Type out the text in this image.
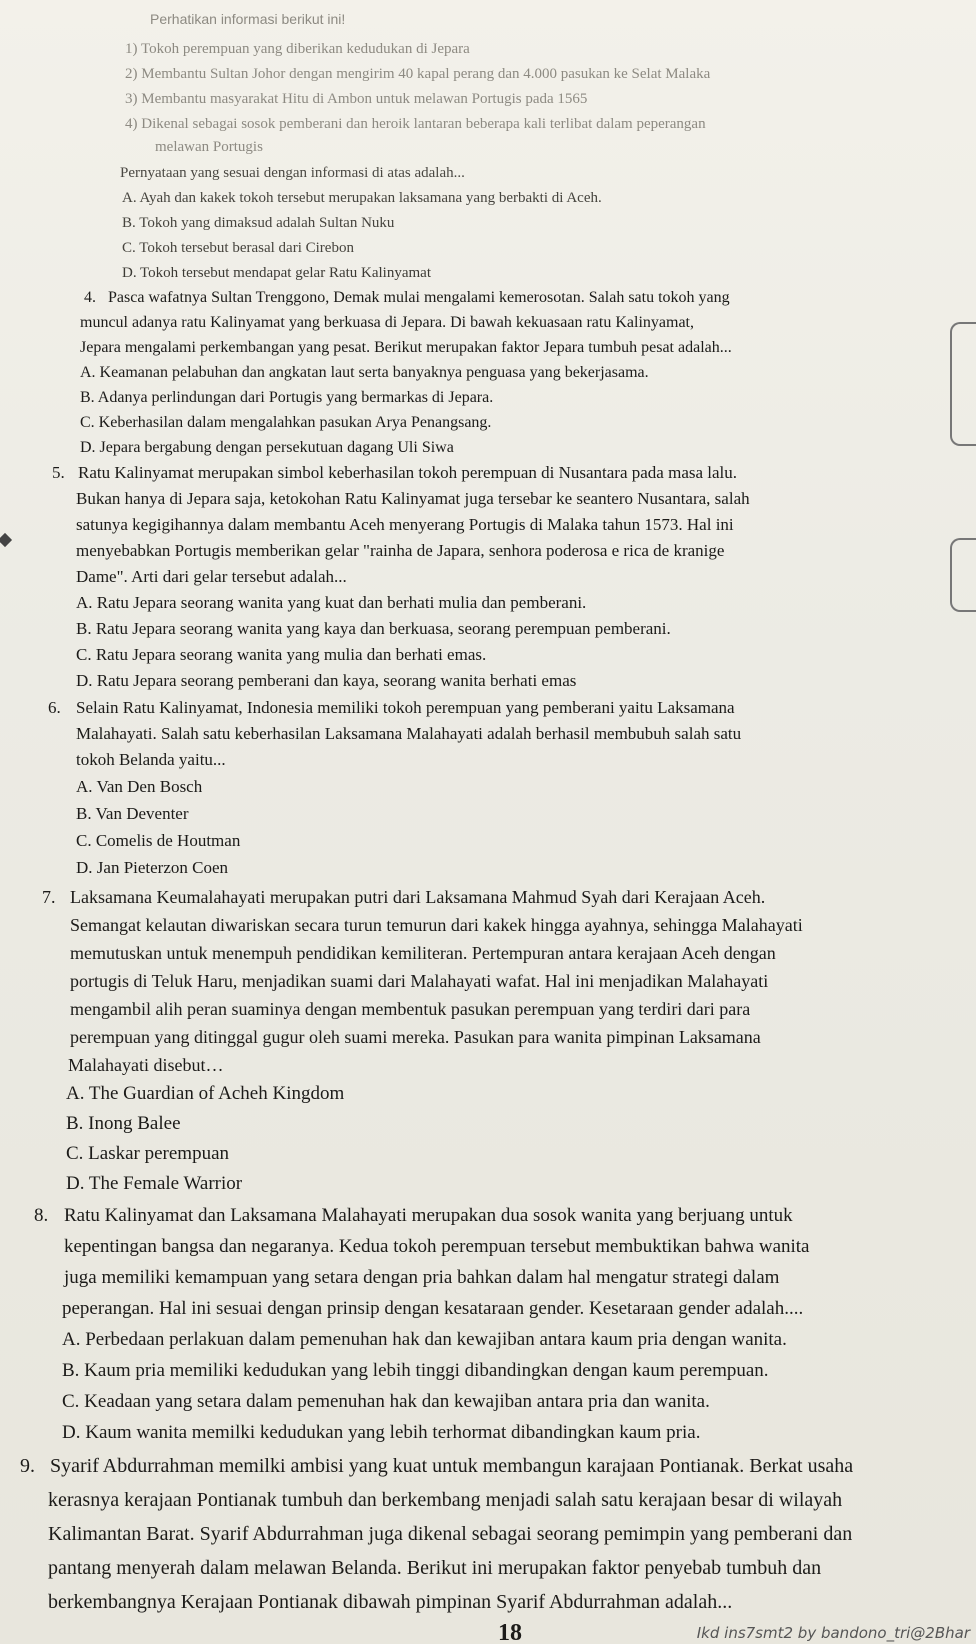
Perhatikan informasi berikut ini!
1) Tokoh perempuan yang diberikan kedudukan di Jepara
2) Membantu Sultan Johor dengan mengirim 40 kapal perang dan 4.000 pasukan ke Selat Malaka
3) Membantu masyarakat Hitu di Ambon untuk melawan Portugis pada 1565
4) Dikenal sebagai sosok pemberani dan heroik lantaran beberapa kali terlibat dalam peperangan
melawan Portugis
Pernyataan yang sesuai dengan informasi di atas adalah...
A. Ayah dan kakek tokoh tersebut merupakan laksamana yang berbakti di Aceh.
B. Tokoh yang dimaksud adalah Sultan Nuku
C. Tokoh tersebut berasal dari Cirebon
D. Tokoh tersebut mendapat gelar Ratu Kalinyamat
4. Pasca wafatnya Sultan Trenggono, Demak mulai mengalami kemerosotan. Salah satu tokoh yang
muncul adanya ratu Kalinyamat yang berkuasa di Jepara. Di bawah kekuasaan ratu Kalinyamat,
Jepara mengalami perkembangan yang pesat. Berikut merupakan faktor Jepara tumbuh pesat adalah...
A. Keamanan pelabuhan dan angkatan laut serta banyaknya penguasa yang bekerjasama.
B. Adanya perlindungan dari Portugis yang bermarkas di Jepara.
C. Keberhasilan dalam mengalahkan pasukan Arya Penangsang.
D. Jepara bergabung dengan persekutuan dagang Uli Siwa
5. Ratu Kalinyamat merupakan simbol keberhasilan tokoh perempuan di Nusantara pada masa lalu.
Bukan hanya di Jepara saja, ketokohan Ratu Kalinyamat juga tersebar ke seantero Nusantara, salah
satunya kegigihannya dalam membantu Aceh menyerang Portugis di Malaka tahun 1573. Hal ini
menyebabkan Portugis memberikan gelar "rainha de Japara, senhora poderosa e rica de kranige
Dame". Arti dari gelar tersebut adalah...
A. Ratu Jepara seorang wanita yang kuat dan berhati mulia dan pemberani.
B. Ratu Jepara seorang wanita yang kaya dan berkuasa, seorang perempuan pemberani.
C. Ratu Jepara seorang wanita yang mulia dan berhati emas.
D. Ratu Jepara seorang pemberani dan kaya, seorang wanita berhati emas
6. Selain Ratu Kalinyamat, Indonesia memiliki tokoh perempuan yang pemberani yaitu Laksamana
Malahayati. Salah satu keberhasilan Laksamana Malahayati adalah berhasil membubuh salah satu
tokoh Belanda yaitu...
A. Van Den Bosch
B. Van Deventer
C. Comelis de Houtman
D. Jan Pieterzon Coen
7. Laksamana Keumalahayati merupakan putri dari Laksamana Mahmud Syah dari Kerajaan Aceh.
Semangat kelautan diwariskan secara turun temurun dari kakek hingga ayahnya, sehingga Malahayati
memutuskan untuk menempuh pendidikan kemiliteran. Pertempuran antara kerajaan Aceh dengan
portugis di Teluk Haru, menjadikan suami dari Malahayati wafat. Hal ini menjadikan Malahayati
mengambil alih peran suaminya dengan membentuk pasukan perempuan yang terdiri dari para
perempuan yang ditinggal gugur oleh suami mereka. Pasukan para wanita pimpinan Laksamana
Malahayati disebut…
A. The Guardian of Acheh Kingdom
B. Inong Balee
C. Laskar perempuan
D. The Female Warrior
8. Ratu Kalinyamat dan Laksamana Malahayati merupakan dua sosok wanita yang berjuang untuk
kepentingan bangsa dan negaranya. Kedua tokoh perempuan tersebut membuktikan bahwa wanita
juga memiliki kemampuan yang setara dengan pria bahkan dalam hal mengatur strategi dalam
peperangan. Hal ini sesuai dengan prinsip dengan kesataraan gender. Kesetaraan gender adalah....
A. Perbedaan perlakuan dalam pemenuhan hak dan kewajiban antara kaum pria dengan wanita.
B. Kaum pria memiliki kedudukan yang lebih tinggi dibandingkan dengan kaum perempuan.
C. Keadaan yang setara dalam pemenuhan hak dan kewajiban antara pria dan wanita.
D. Kaum wanita memilki kedudukan yang lebih terhormat dibandingkan kaum pria.
9. Syarif Abdurrahman memilki ambisi yang kuat untuk membangun karajaan Pontianak. Berkat usaha
kerasnya kerajaan Pontianak tumbuh dan berkembang menjadi salah satu kerajaan besar di wilayah
Kalimantan Barat. Syarif Abdurrahman juga dikenal sebagai seorang pemimpin yang pemberani dan
pantang menyerah dalam melawan Belanda. Berikut ini merupakan faktor penyebab tumbuh dan
berkembangnya Kerajaan Pontianak dibawah pimpinan Syarif Abdurrahman adalah...
18	Ikd ins7smt2 by bandono_tri@2Bhar
